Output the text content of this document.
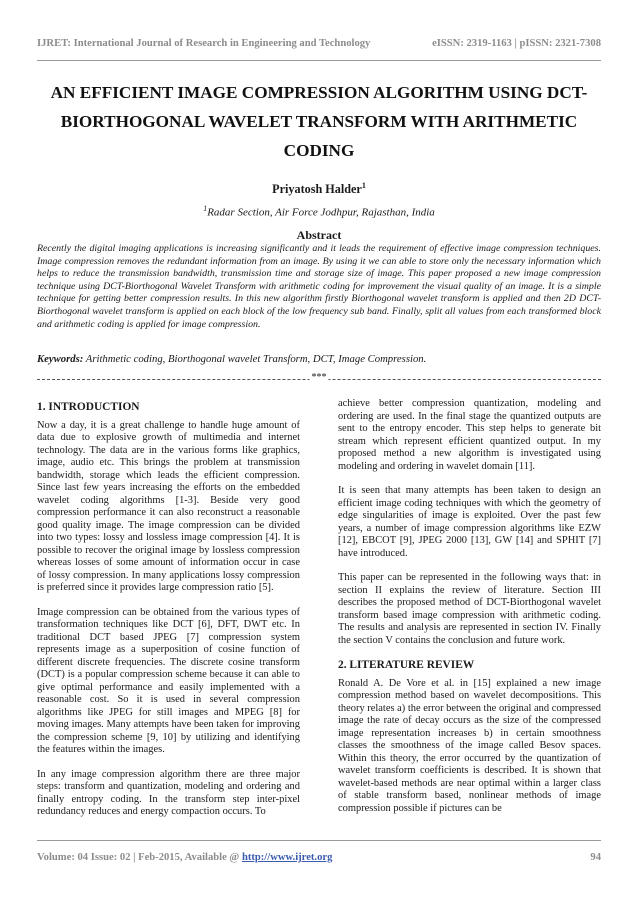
IJRET: International Journal of Research in Engineering and Technology	eISSN: 2319-1163 | pISSN: 2321-7308
AN EFFICIENT IMAGE COMPRESSION ALGORITHM USING DCT-
BIORTHOGONAL WAVELET TRANSFORM WITH ARITHMETIC
CODING
Priyatosh Halder$^1$
$^1$Radar Section, Air Force Jodhpur, Rajasthan, India
Abstract
Recently the digital imaging applications is increasing significantly and it leads the requirement of effective image compression techniques. Image compression removes the redundant information from an image. By using it we can able to store only the necessary information which helps to reduce the transmission bandwidth, transmission time and storage size of image. This paper proposed a new image compression technique using DCT-Biorthogonal Wavelet Transform with arithmetic coding for improvement the visual quality of an image. It is a simple technique for getting better compression results. In this new algorithm firstly Biorthogonal wavelet transform is applied and then 2D DCT-Biorthogonal wavelet transform is applied on each block of the low frequency sub band. Finally, split all values from each transformed block and arithmetic coding is applied for image compression.
Keywords: Arithmetic coding, Biorthogonal wavelet Transform, DCT, Image Compression.
***
1. INTRODUCTION

Now a day, it is a great challenge to handle huge amount of data due to explosive growth of multimedia and internet technology. The data are in the various forms like graphics, image, audio etc. This brings the problem at transmission bandwidth, storage which leads the efficient compression. Since last few years increasing the efforts on the embedded wavelet coding algorithms [1-3]. Beside very good compression performance it can also reconstruct a reasonable good quality image. The image compression can be divided into two types: lossy and lossless image compression [4]. It is possible to recover the original image by lossless compression whereas losses of some amount of information occur in case of lossy compression. In many applications lossy compression is preferred since it provides large compression ratio [5].

Image compression can be obtained from the various types of transformation techniques like DCT [6], DFT, DWT etc. In traditional DCT based JPEG [7] compression system represents image as a superposition of cosine function of different discrete frequencies. The discrete cosine transform (DCT) is a popular compression scheme because it can able to give optimal performance and easily implemented with a reasonable cost. So it is used in several compression algorithms like JPEG for still images and MPEG [8] for moving images. Many attempts have been taken for improving the compression scheme [9, 10] by utilizing and identifying the features within the images.

In any image compression algorithm there are three major steps: transform and quantization, modeling and ordering and finally entropy coding. In the transform step inter-pixel redundancy reduces and energy compaction occurs. To

achieve better compression quantization, modeling and ordering are used. In the final stage the quantized outputs are sent to the entropy encoder. This step helps to generate bit stream which represent efficient quantized output. In my proposed method a new algorithm is investigated using modeling and ordering in wavelet domain [11].

It is seen that many attempts has been taken to design an efficient image coding techniques with which the geometry of edge singularities of image is exploited. Over the past few years, a number of image compression algorithms like EZW [12], EBCOT [9], JPEG 2000 [13], GW [14] and SPHIT [7] have introduced.

This paper can be represented in the following ways that: in section II explains the review of literature. Section III describes the proposed method of DCT-Biorthogonal wavelet transform based image compression with arithmetic coding. The results and analysis are represented in section IV. Finally the section V contains the conclusion and future work.

2. LITERATURE REVIEW

Ronald A. De Vore et al. in [15] explained a new image compression method based on wavelet decompositions. This theory relates a) the error between the original and compressed image the rate of decay occurs as the size of the compressed image representation increases b) in certain smoothness classes the smoothness of the image called Besov spaces. Within this theory, the error occurred by the quantization of wavelet transform coefficients is described. It is shown that wavelet-based methods are near optimal within a larger class of stable transform based, nonlinear methods of image compression possible if pictures can be

Volume: 04 Issue: 02 | Feb-2015, Available @ http://www.ijret.org	94
